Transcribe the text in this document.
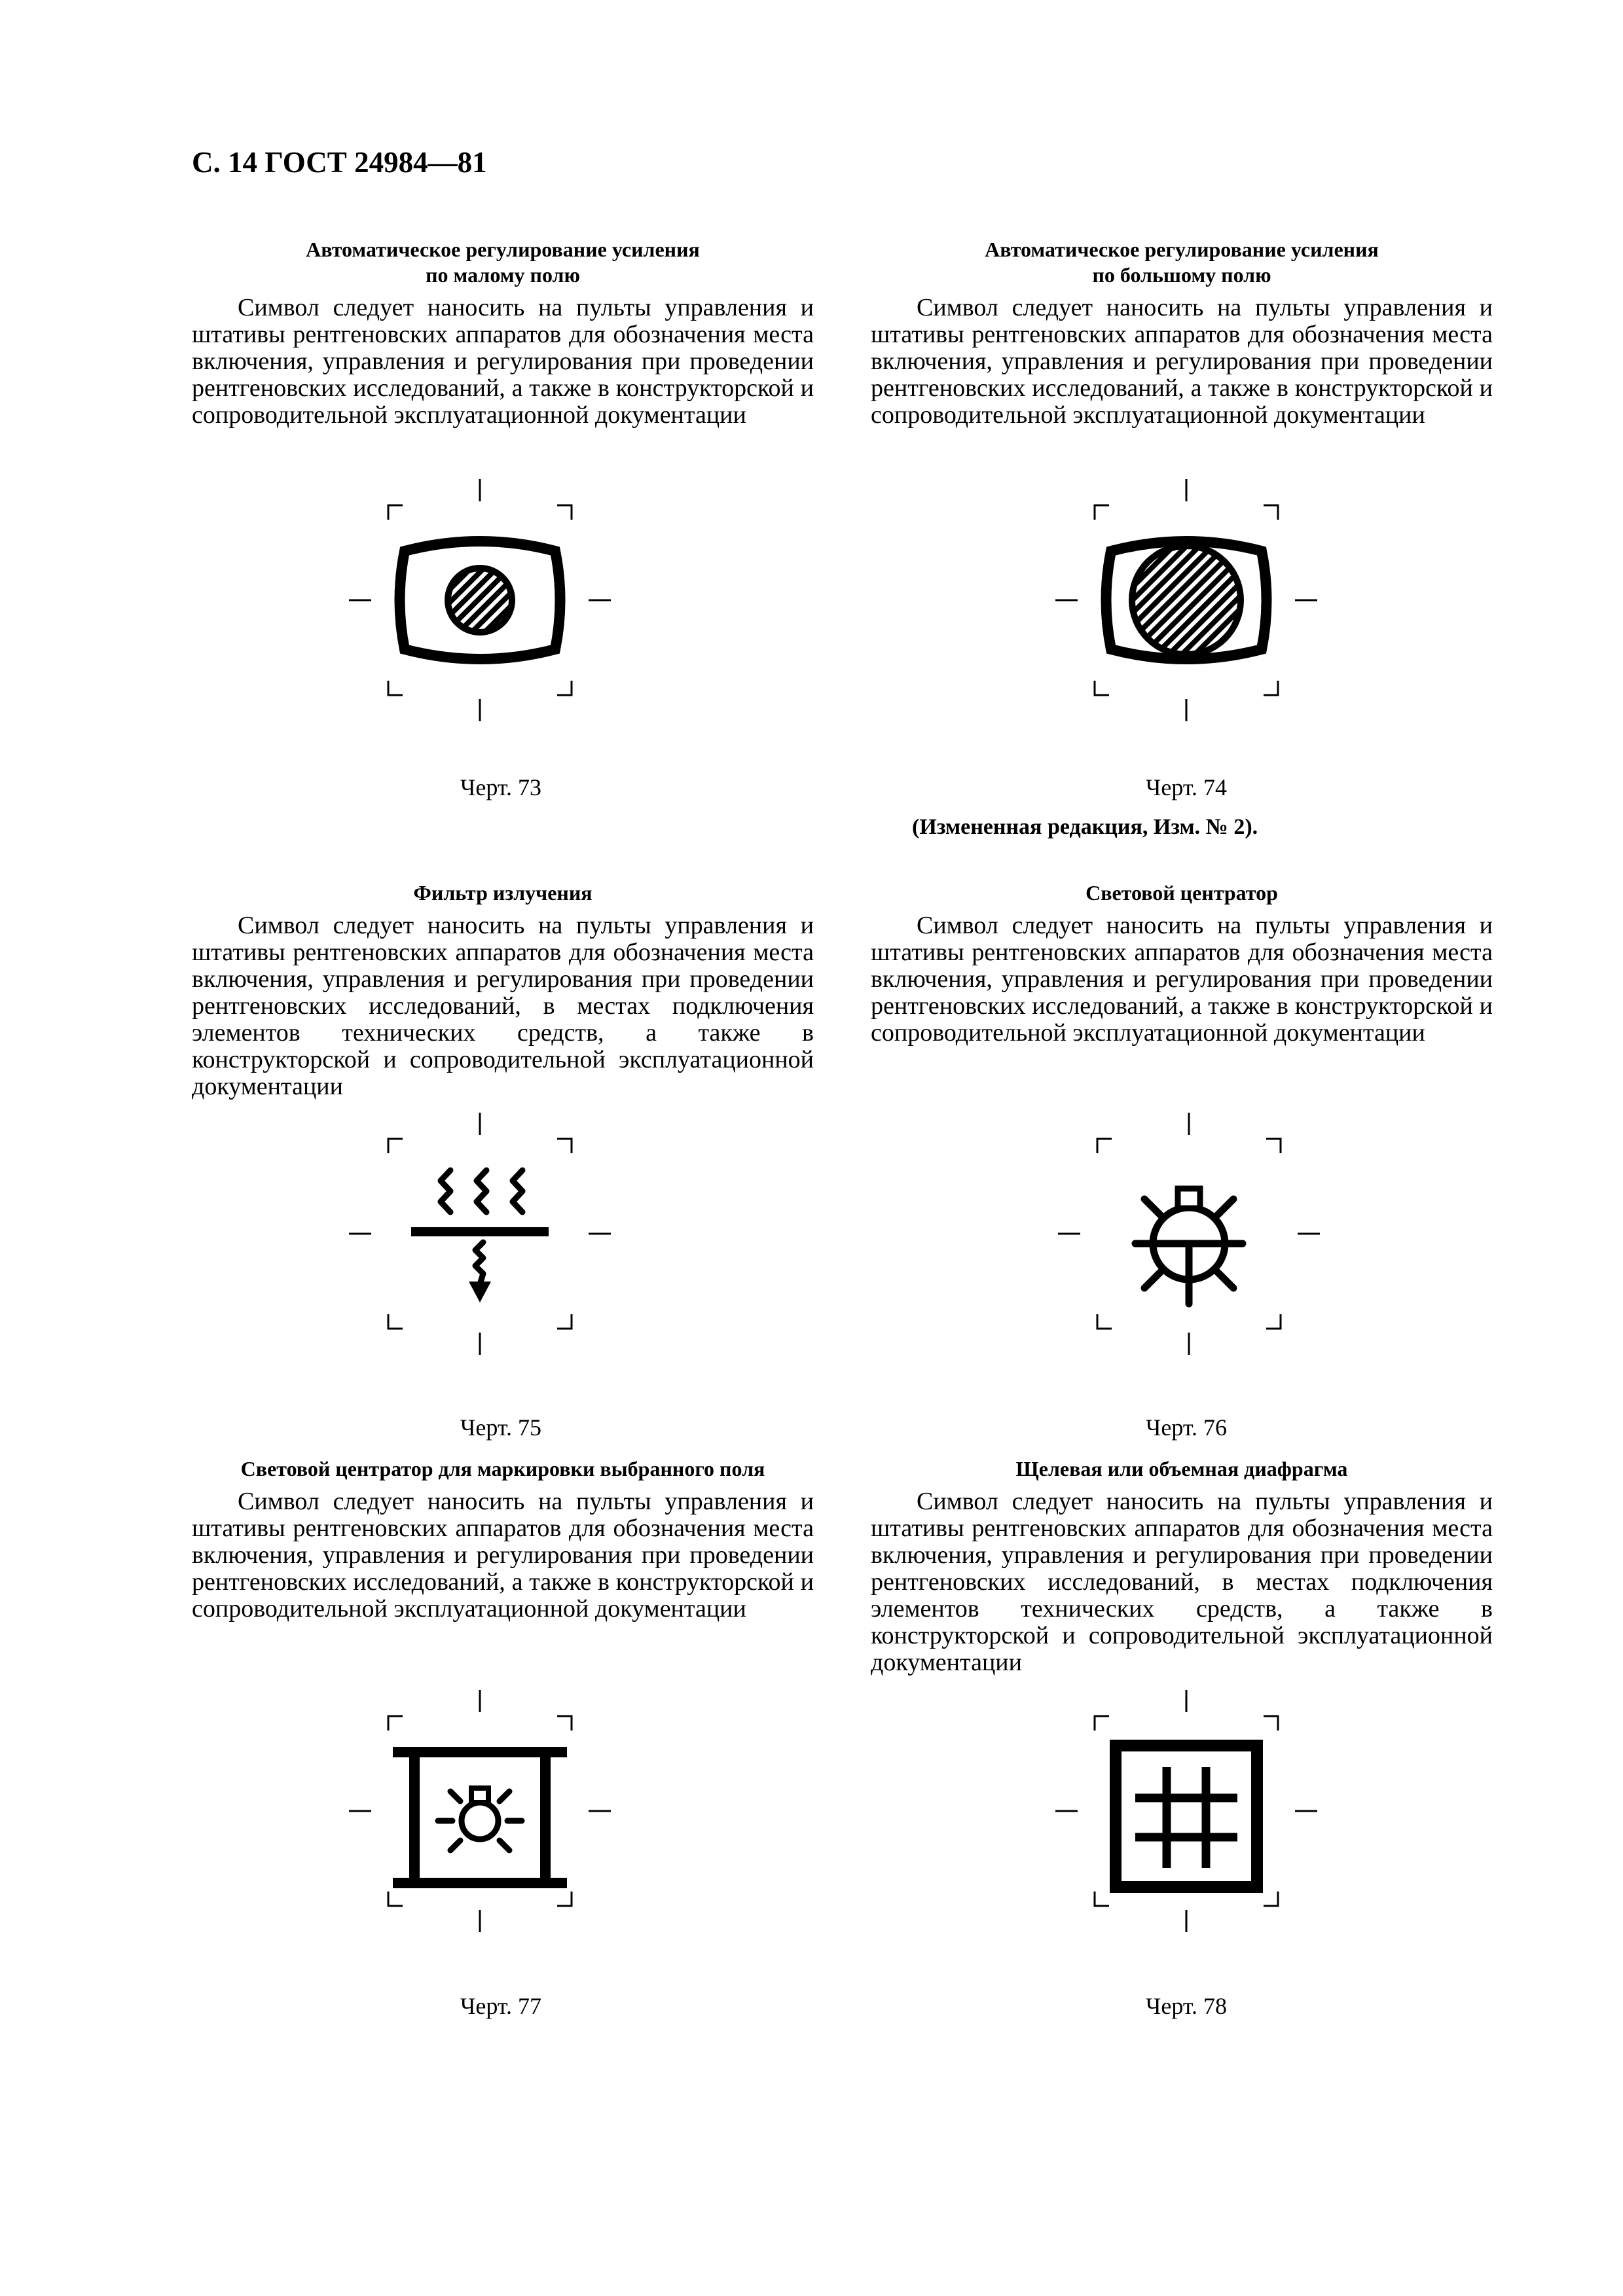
С. 14 ГОСТ 24984—81
Автоматическое регулирование усиления
по малому полю
Символ следует наносить на пульты управления и штативы рентгеновских аппаратов для обозначения места включения, управления и регулирования при проведении рентгеновских исследований, а также в конструкторской и сопроводительной эксплуатационной документации
Черт. 73
Автоматическое регулирование усиления
по большому полю
Символ следует наносить на пульты управления и штативы рентгеновских аппаратов для обозначения места включения, управления и регулирования при проведении рентгеновских исследований, а также в конструкторской и сопроводительной эксплуатационной документации
Черт. 74
(Измененная редакция, Изм. № 2).
Фильтр излучения
Символ следует наносить на пульты управления и штативы рентгеновских аппаратов для обозначения места включения, управления и регулирования при проведении рентгеновских исследований, в местах подключения элементов технических средств, а также в конструкторской и сопроводительной эксплуатационной документации
Черт. 75
Световой центратор
Символ следует наносить на пульты управления и штативы рентгеновских аппаратов для обозначения места включения, управления и регулирования при проведении рентгеновских исследований, а также в конструкторской и сопроводительной эксплуатационной документации
Черт. 76
Световой центратор для маркировки выбранного поля
Символ следует наносить на пульты управления и штативы рентгеновских аппаратов для обозначения места включения, управления и регулирования при проведении рентгеновских исследований, а также в конструкторской и сопроводительной эксплуатационной документации
Черт. 77
Щелевая или объемная диафрагма
Символ следует наносить на пульты управления и штативы рентгеновских аппаратов для обозначения места включения, управления и регулирования при проведении рентгеновских исследований, в местах подключения элементов технических средств, а также в конструкторской и сопроводительной эксплуатационной документации
Черт. 78
